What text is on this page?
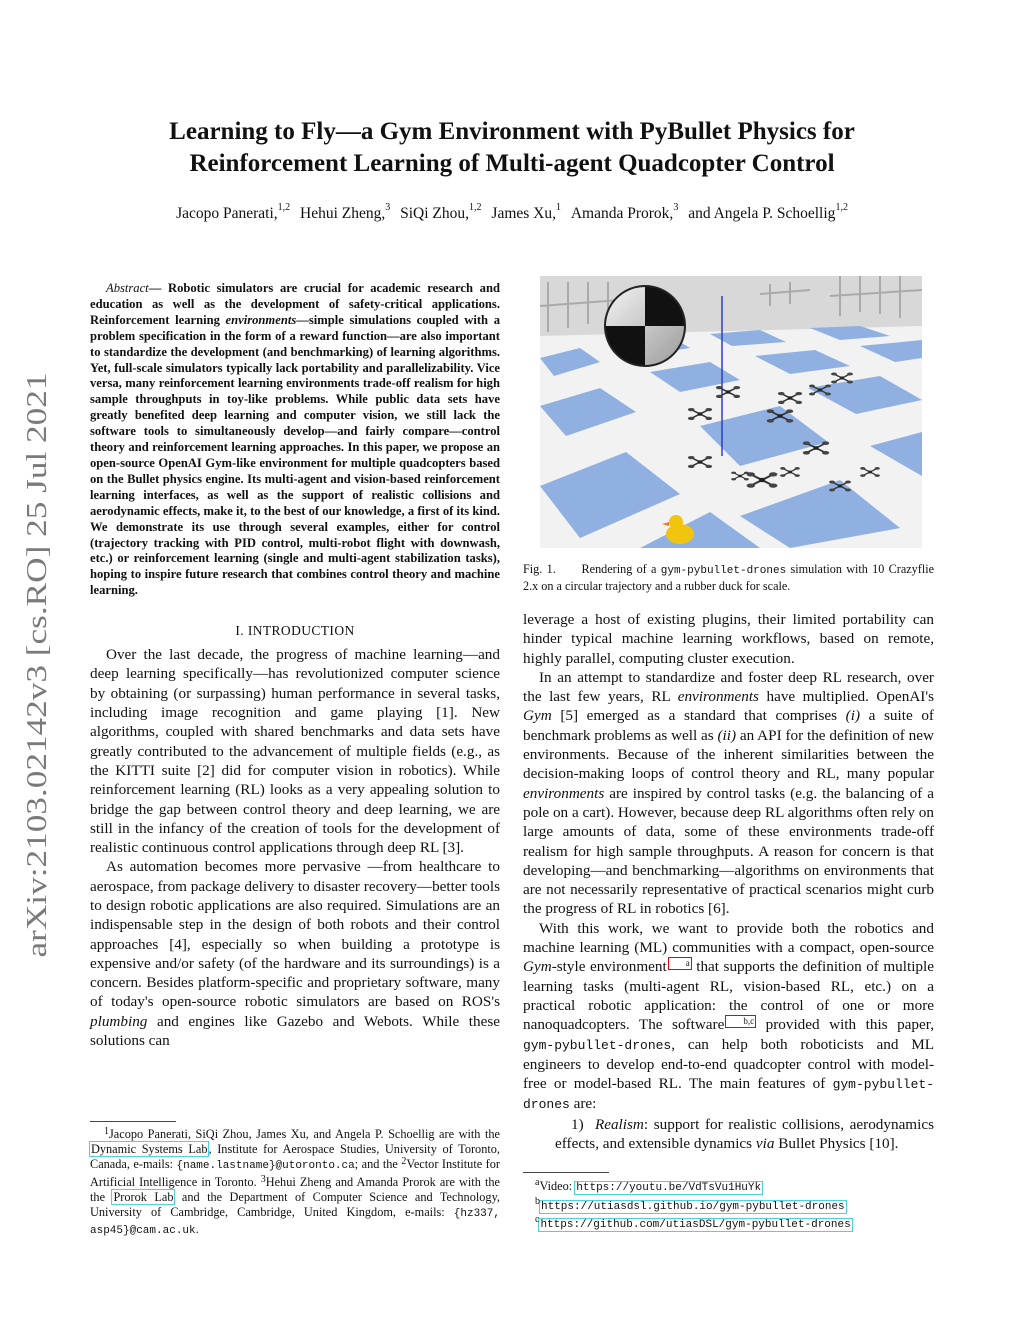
arXiv:2103.02142v3 [cs.RO] 25 Jul 2021
Learning to Fly—a Gym Environment with PyBullet Physics for
Reinforcement Learning of Multi-agent Quadcopter Control
Jacopo Panerati,$^{1,2}$ Hehui Zheng,$^3$ SiQi Zhou,$^{1,2}$ James Xu,$^1$ Amanda Prorok,$^3$ and Angela P. Schoellig$^{1,2}$

Abstract— Robotic simulators are crucial for academic research and education as well as the development of safety-critical applications. Reinforcement learning environments—simple simulations coupled with a problem specification in the form of a reward function—are also important to standardize the development (and benchmarking) of learning algorithms. Yet, full-scale simulators typically lack portability and parallelizability. Vice versa, many reinforcement learning environments trade-off realism for high sample throughputs in toy-like problems. While public data sets have greatly benefited deep learning and computer vision, we still lack the software tools to simultaneously develop—and fairly compare—control theory and reinforcement learning approaches. In this paper, we propose an open-source OpenAI Gym-like environment for multiple quadcopters based on the Bullet physics engine. Its multi-agent and vision-based reinforcement learning interfaces, as well as the support of realistic collisions and aerodynamic effects, make it, to the best of our knowledge, a first of its kind. We demonstrate its use through several examples, either for control (trajectory tracking with PID control, multi-robot flight with downwash, etc.) or reinforcement learning (single and multi-agent stabilization tasks), hoping to inspire future research that combines control theory and machine learning.

I. INTRODUCTION

Over the last decade, the progress of machine learning—and deep learning specifically—has revolutionized computer science by obtaining (or surpassing) human performance in several tasks, including image recognition and game playing [1]. New algorithms, coupled with shared benchmarks and data sets have greatly contributed to the advancement of multiple fields (e.g., as the KITTI suite [2] did for computer vision in robotics). While reinforcement learning (RL) looks as a very appealing solution to bridge the gap between control theory and deep learning, we are still in the infancy of the creation of tools for the development of realistic continuous control applications through deep RL [3].

As automation becomes more pervasive —from healthcare to aerospace, from package delivery to disaster recovery—better tools to design robotic applications are also required. Simulations are an indispensable step in the design of both robots and their control approaches [4], especially so when building a prototype is expensive and/or safety (of the hardware and its surroundings) is a concern. Besides platform-specific and proprietary software, many of today's open-source robotic simulators are based on ROS's plumbing and engines like Gazebo and Webots. While these solutions can

Fig. 1. Rendering of a gym-pybullet-drones simulation with 10 Crazyflie 2.x on a circular trajectory and a rubber duck for scale.

leverage a host of existing plugins, their limited portability can hinder typical machine learning workflows, based on remote, highly parallel, computing cluster execution.

In an attempt to standardize and foster deep RL research, over the last few years, RL environments have multiplied. OpenAI's Gym [5] emerged as a standard that comprises (i) a suite of benchmark problems as well as (ii) an API for the definition of new environments. Because of the inherent similarities between the decision-making loops of control theory and RL, many popular environments are inspired by control tasks (e.g. the balancing of a pole on a cart). However, because deep RL algorithms often rely on large amounts of data, some of these environments trade-off realism for high sample throughputs. A reason for concern is that developing—and benchmarking—algorithms on environments that are not necessarily representative of practical scenarios might curb the progress of RL in robotics [6].

With this work, we want to provide both the robotics and machine learning (ML) communities with a compact, open-source Gym-style environment a that supports the definition of multiple learning tasks (multi-agent RL, vision-based RL, etc.) on a practical robotic application: the control of one or more nanoquadcopters. The software b,c provided with this paper, gym-pybullet-drones, can help both roboticists and ML engineers to develop end-to-end quadcopter control with model-free or model-based RL. The main features of gym-pybullet-drones are:

1) Realism: support for realistic collisions, aerodynamics effects, and extensible dynamics via Bullet Physics [10].

$^1$Jacopo Panerati, SiQi Zhou, James Xu, and Angela P. Schoellig are with the Dynamic Systems Lab, Institute for Aerospace Studies, University of Toronto, Canada, e-mails: {name.lastname}@utoronto.ca; and the $^2$Vector Institute for Artificial Intelligence in Toronto. $^3$Hehui Zheng and Amanda Prorok are with the the Prorok Lab and the Department of Computer Science and Technology, University of Cambridge, Cambridge, United Kingdom, e-mails: {hz337, asp45}@cam.ac.uk.

$^a$Video: https://youtu.be/VdTsVu1HuYk

$^b$https://utiasdsl.github.io/gym-pybullet-drones

$^c$https://github.com/utiasDSL/gym-pybullet-drones
